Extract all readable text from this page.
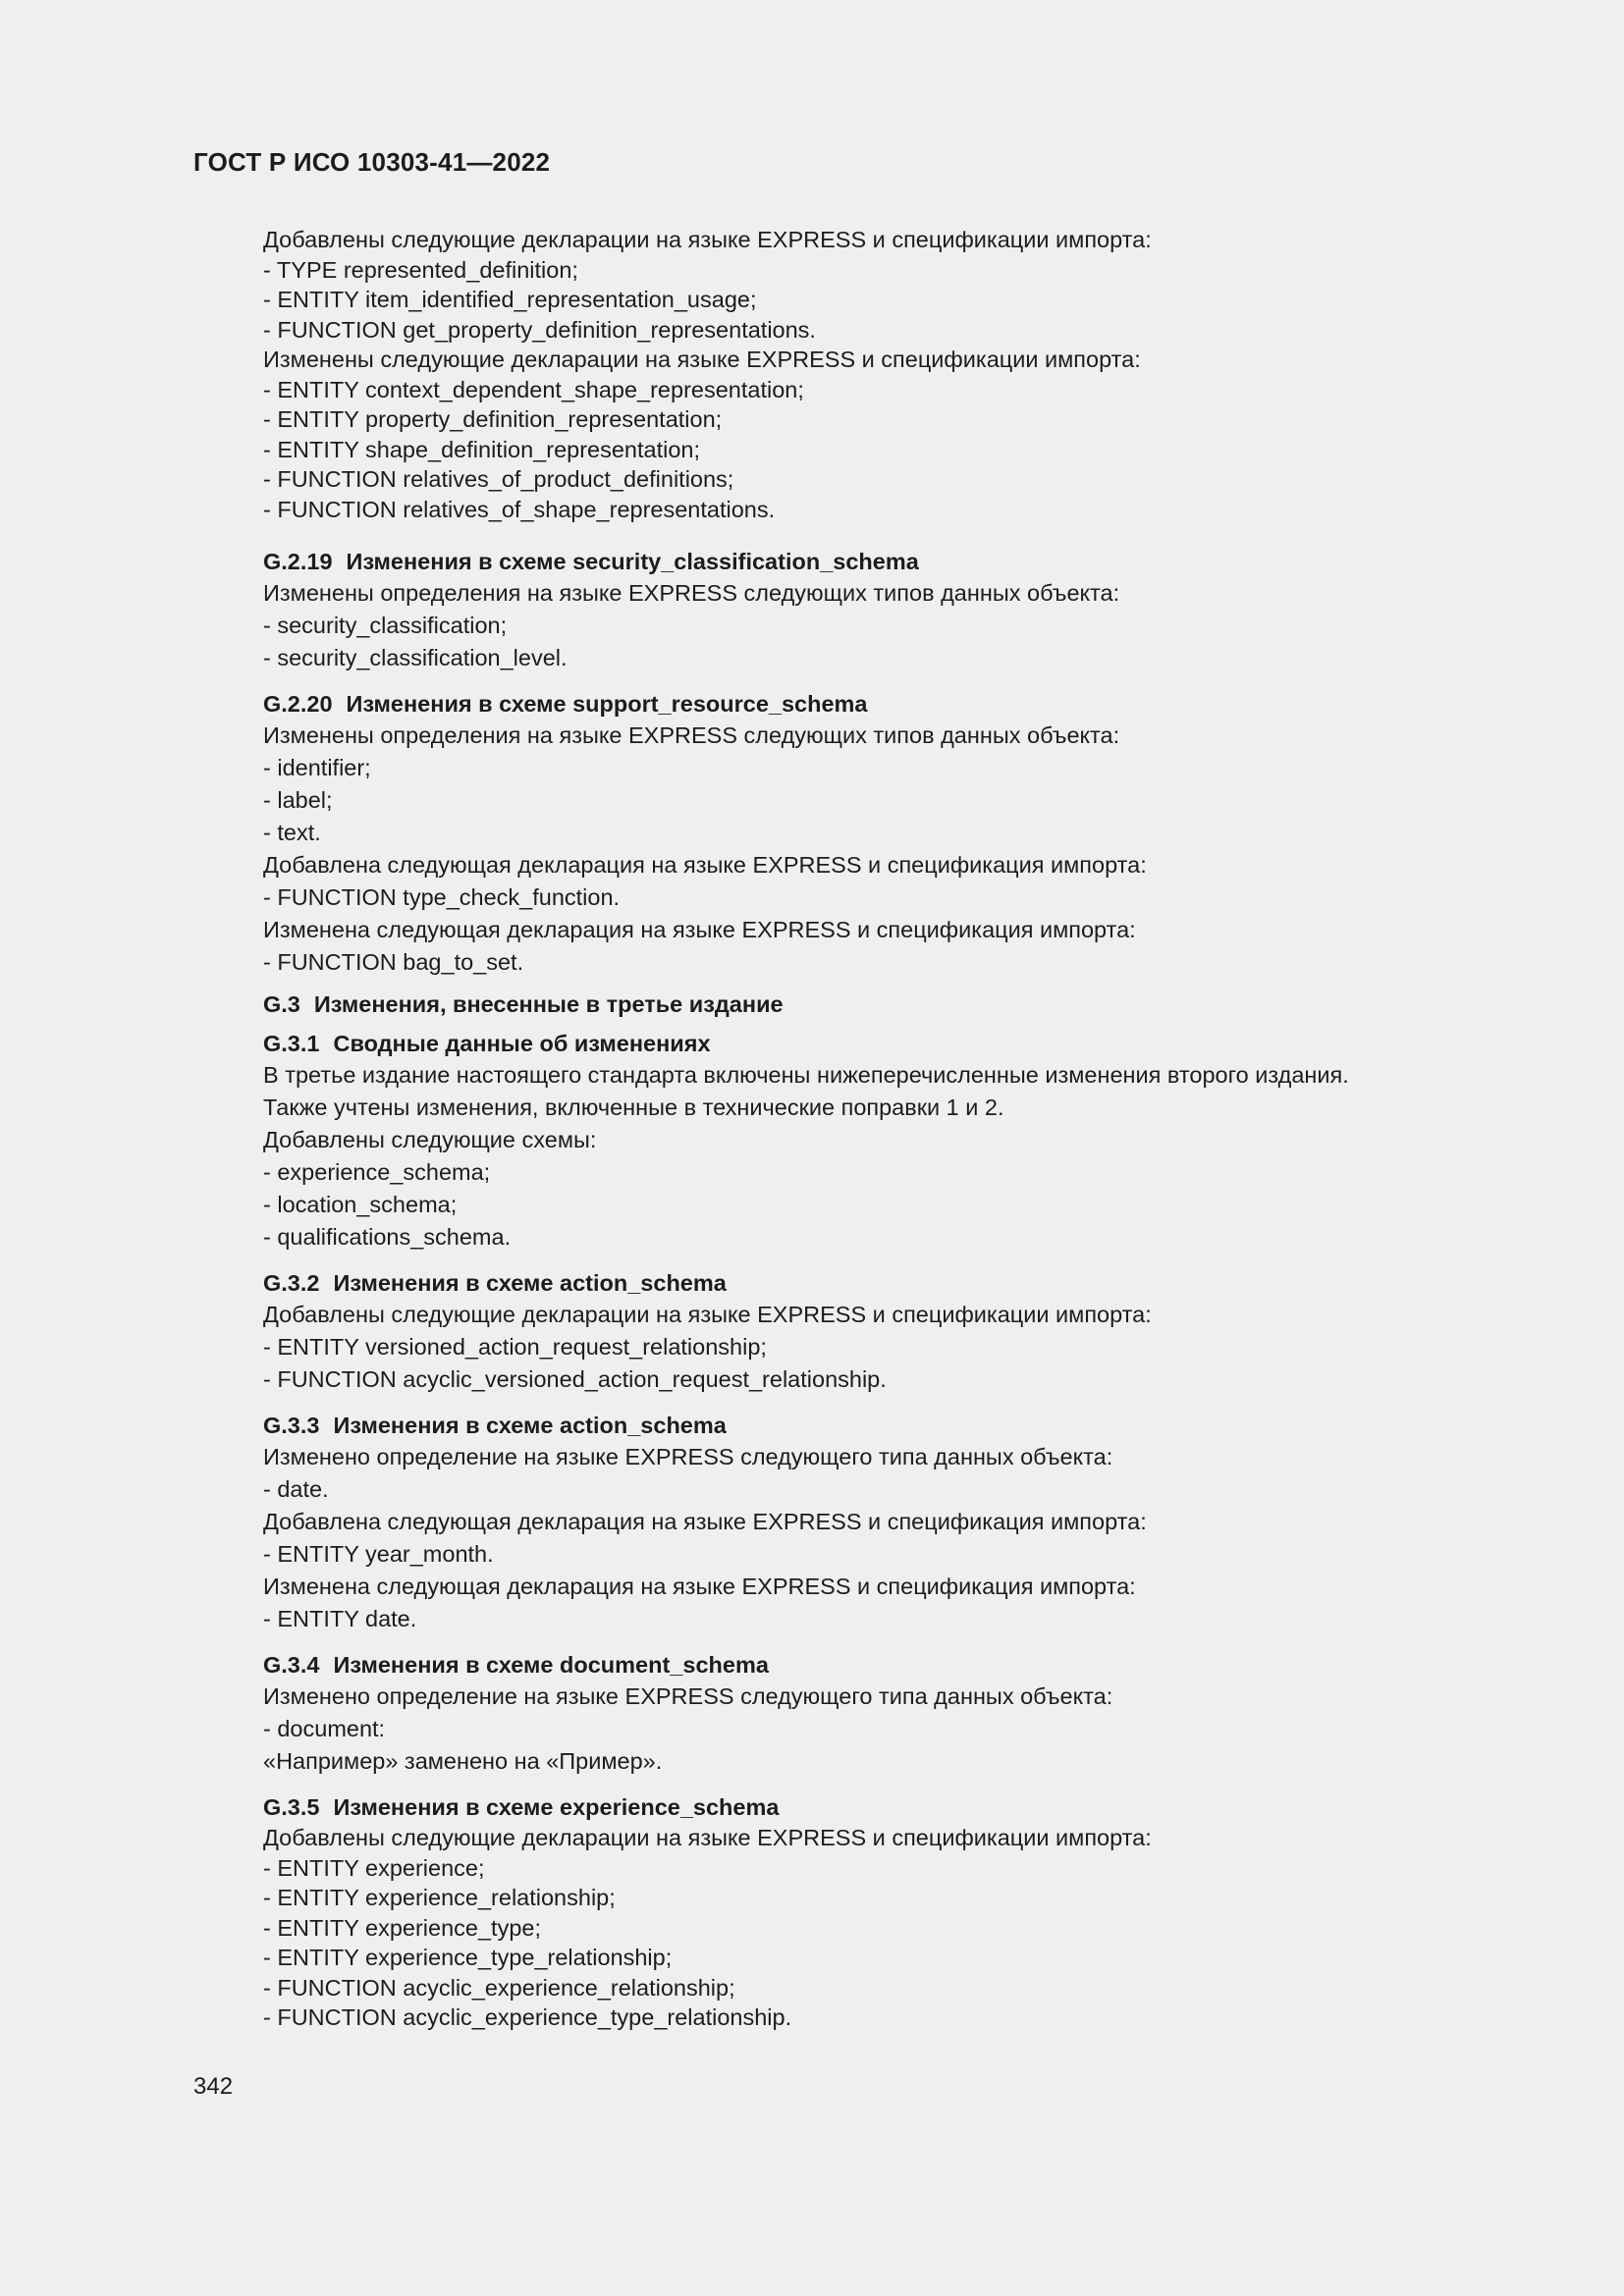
ГОСТ Р ИСО 10303-41—2022
Добавлены следующие декларации на языке EXPRESS и спецификации импорта:
- TYPE represented_definition;
- ENTITY item_identified_representation_usage;
- FUNCTION get_property_definition_representations.
Изменены следующие декларации на языке EXPRESS и спецификации импорта:
- ENTITY context_dependent_shape_representation;
- ENTITY property_definition_representation;
- ENTITY shape_definition_representation;
- FUNCTION relatives_of_product_definitions;
- FUNCTION relatives_of_shape_representations.
G.2.19 Изменения в схеме security_classification_schema
Изменены определения на языке EXPRESS следующих типов данных объекта:
- security_classification;
- security_classification_level.
G.2.20 Изменения в схеме support_resource_schema
Изменены определения на языке EXPRESS следующих типов данных объекта:
- identifier;
- label;
- text.
Добавлена следующая декларация на языке EXPRESS и спецификация импорта:
- FUNCTION type_check_function.
Изменена следующая декларация на языке EXPRESS и спецификация импорта:
- FUNCTION bag_to_set.
G.3 Изменения, внесенные в третье издание
G.3.1 Сводные данные об изменениях
В третье издание настоящего стандарта включены нижеперечисленные изменения второго издания.
Также учтены изменения, включенные в технические поправки 1 и 2.
Добавлены следующие схемы:
- experience_schema;
- location_schema;
- qualifications_schema.
G.3.2 Изменения в схеме action_schema
Добавлены следующие декларации на языке EXPRESS и спецификации импорта:
- ENTITY versioned_action_request_relationship;
- FUNCTION acyclic_versioned_action_request_relationship.
G.3.3 Изменения в схеме action_schema
Изменено определение на языке EXPRESS следующего типа данных объекта:
- date.
Добавлена следующая декларация на языке EXPRESS и спецификация импорта:
- ENTITY year_month.
Изменена следующая декларация на языке EXPRESS и спецификация импорта:
- ENTITY date.
G.3.4 Изменения в схеме document_schema
Изменено определение на языке EXPRESS следующего типа данных объекта:
- document:
«Например» заменено на «Пример».
G.3.5 Изменения в схеме experience_schema
Добавлены следующие декларации на языке EXPRESS и спецификации импорта:
- ENTITY experience;
- ENTITY experience_relationship;
- ENTITY experience_type;
- ENTITY experience_type_relationship;
- FUNCTION acyclic_experience_relationship;
- FUNCTION acyclic_experience_type_relationship.
342
